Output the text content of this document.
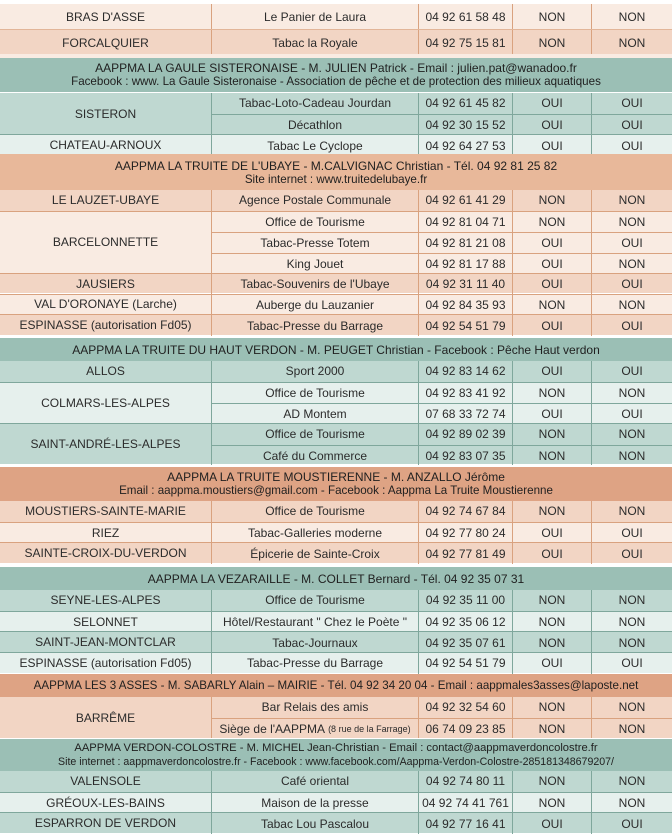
BRAS D'ASSE	Le Panier de Laura	04 92 61 58 48	NON	NON
FORCALQUIER	Tabac la Royale	04 92 75 15 81	NON	NON
AAPPMA LA GAULE SISTERONAISE - M. JULIEN Patrick - Email : julien.pat@wanadoo.fr
Facebook : www. La Gaule Sisteronaise - Association de pêche et de protection des milieux aquatiques
SISTERON
Tabac-Loto-Cadeau Jourdan	04 92 61 45 82	OUI	OUI
Décathlon	04 92 30 15 52	OUI	OUI
CHATEAU-ARNOUX	Tabac Le Cyclope	04 92 64 27 53	OUI	OUI
AAPPMA LA TRUITE DE L'UBAYE - M.CALVIGNAC Christian - Tél. 04 92 81 25 82
Site internet : www.truitedelubaye.fr
LE LAUZET-UBAYE	Agence Postale Communale	04 92 61 41 29	NON	NON
BARCELONNETTE
Office de Tourisme	04 92 81 04 71	NON	NON
Tabac-Presse Totem	04 92 81 21 08	OUI	OUI
King Jouet	04 92 81 17 88	OUI	NON
JAUSIERS	Tabac-Souvenirs de l'Ubaye	04 92 31 11 40	OUI	OUI
VAL D'ORONAYE (Larche)	Auberge du Lauzanier	04 92 84 35 93	NON	NON
ESPINASSE (autorisation Fd05)	Tabac-Presse du Barrage	04 92 54 51 79	OUI	OUI
AAPPMA LA TRUITE DU HAUT VERDON - M. PEUGET Christian - Facebook : Pêche Haut verdon
ALLOS	Sport 2000	04 92 83 14 62	OUI	OUI
COLMARS-LES-ALPES
Office de Tourisme	04 92 83 41 92	NON	NON
AD Montem	07 68 33 72 74	OUI	OUI
SAINT-ANDRÉ-LES-ALPES
Office de Tourisme	04 92 89 02 39	NON	NON
Café du Commerce	04 92 83 07 35	NON	NON
AAPPMA LA TRUITE MOUSTIERENNE - M. ANZALLO Jérôme
Email : aappma.moustiers@gmail.com - Facebook : Aappma La Truite Moustierenne
MOUSTIERS-SAINTE-MARIE	Office de Tourisme	04 92 74 67 84	NON	NON
RIEZ	Tabac-Galleries moderne	04 92 77 80 24	OUI	OUI
SAINTE-CROIX-DU-VERDON	Épicerie de Sainte-Croix	04 92 77 81 49	OUI	OUI
AAPPMA LA VEZARAILLE - M. COLLET Bernard - Tél. 04 92 35 07 31
SEYNE-LES-ALPES	Office de Tourisme	04 92 35 11 00	NON	NON
SELONNET	Hôtel/Restaurant " Chez le Poète "	04 92 35 06 12	NON	NON
SAINT-JEAN-MONTCLAR	Tabac-Journaux	04 92 35 07 61	NON	NON
ESPINASSE (autorisation Fd05)	Tabac-Presse du Barrage	04 92 54 51 79	OUI	OUI
AAPPMA LES 3 ASSES - M. SABARLY Alain – MAIRIE - Tél. 04 92 34 20 04 - Email : aappmales3asses@laposte.net
BARRÊME
Bar Relais des amis	04 92 32 54 60	NON	NON
Siège de l'AAPPMA (8 rue de la Farrage)	06 74 09 23 85	NON	NON
AAPPMA VERDON-COLOSTRE - M. MICHEL Jean-Christian - Email : contact@aappmaverdoncolostre.fr
Site internet : aappmaverdoncolostre.fr - Facebook : www.facebook.com/Aappma-Verdon-Colostre-285181348679207/
VALENSOLE	Café oriental	04 92 74 80 11	NON	NON
GRÉOUX-LES-BAINS	Maison de la presse	04 92 74 41 761	NON	NON
ESPARRON DE VERDON	Tabac Lou Pascalou	04 92 77 16 41	OUI	OUI
